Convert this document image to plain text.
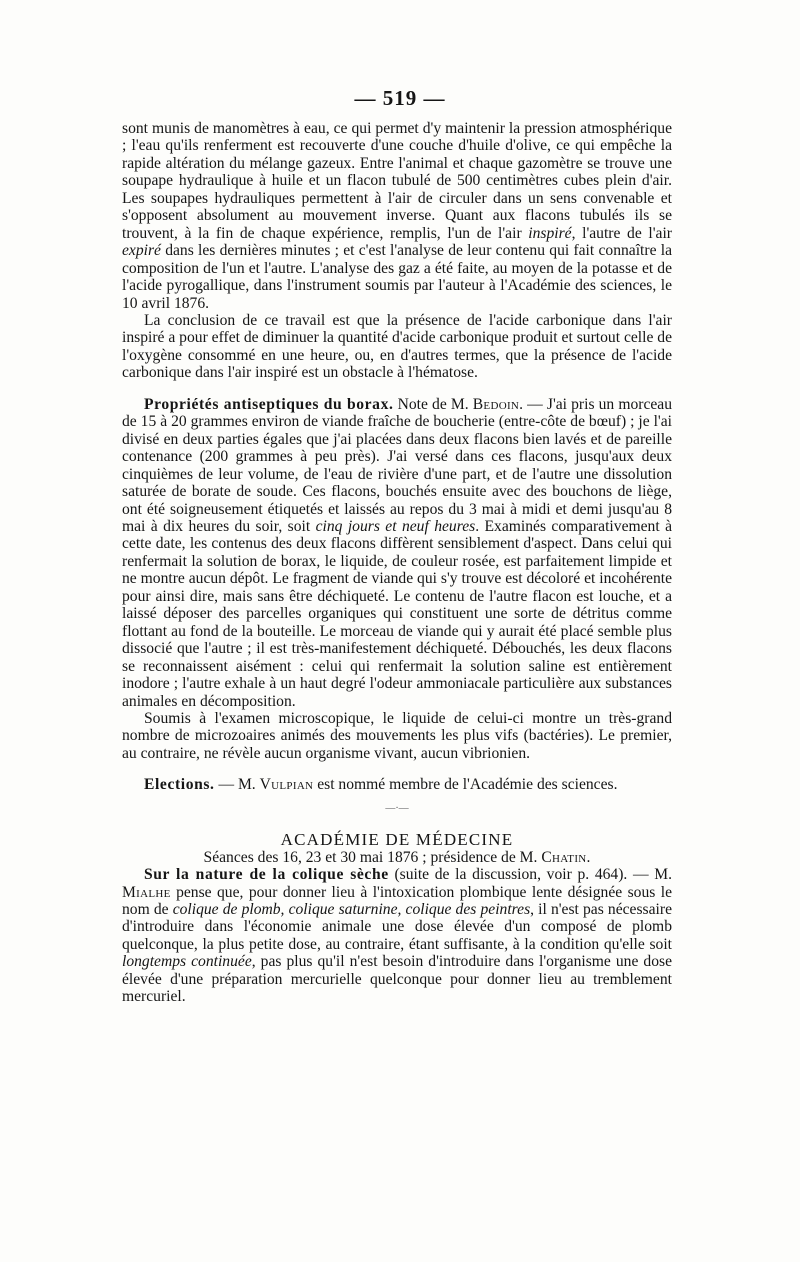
— 519 —

sont munis de manomètres à eau, ce qui permet d'y maintenir la pression atmosphérique ; l'eau qu'ils renferment est recouverte d'une couche d'huile d'olive, ce qui empêche la rapide altération du mélange gazeux. Entre l'animal et chaque gazomètre se trouve une soupape hydraulique à huile et un flacon tubulé de 500 centimètres cubes plein d'air. Les soupapes hydrauliques permettent à l'air de circuler dans un sens convenable et s'opposent absolument au mouvement inverse. Quant aux flacons tubulés ils se trouvent, à la fin de chaque expérience, remplis, l'un de l'air inspiré, l'autre de l'air expiré dans les dernières minutes ; et c'est l'analyse de leur contenu qui fait connaître la composition de l'un et l'autre. L'analyse des gaz a été faite, au moyen de la potasse et de l'acide pyrogallique, dans l'instrument soumis par l'auteur à l'Académie des sciences, le 10 avril 1876.

La conclusion de ce travail est que la présence de l'acide carbonique dans l'air inspiré a pour effet de diminuer la quantité d'acide carbonique produit et surtout celle de l'oxygène consommé en une heure, ou, en d'autres termes, que la présence de l'acide carbonique dans l'air inspiré est un obstacle à l'hématose.

Propriétés antiseptiques du borax. Note de M. Bedoin. — J'ai pris un morceau de 15 à 20 grammes environ de viande fraîche de boucherie (entre-côte de bœuf) ; je l'ai divisé en deux parties égales que j'ai placées dans deux flacons bien lavés et de pareille contenance (200 grammes à peu près). J'ai versé dans ces flacons, jusqu'aux deux cinquièmes de leur volume, de l'eau de rivière d'une part, et de l'autre une dissolution saturée de borate de soude. Ces flacons, bouchés ensuite avec des bouchons de liège, ont été soigneusement étiquetés et laissés au repos du 3 mai à midi et demi jusqu'au 8 mai à dix heures du soir, soit cinq jours et neuf heures. Examinés comparativement à cette date, les contenus des deux flacons diffèrent sensiblement d'aspect. Dans celui qui renfermait la solution de borax, le liquide, de couleur rosée, est parfaitement limpide et ne montre aucun dépôt. Le fragment de viande qui s'y trouve est décoloré et incohérente pour ainsi dire, mais sans être déchiqueté. Le contenu de l'autre flacon est louche, et a laissé déposer des parcelles organiques qui constituent une sorte de détritus comme flottant au fond de la bouteille. Le morceau de viande qui y aurait été placé semble plus dissocié que l'autre ; il est très-manifestement déchiqueté. Débouchés, les deux flacons se reconnaissent aisément : celui qui renfermait la solution saline est entièrement inodore ; l'autre exhale à un haut degré l'odeur ammoniacale particulière aux substances animales en décomposition.

Soumis à l'examen microscopique, le liquide de celui-ci montre un très-grand nombre de microzoaires animés des mouvements les plus vifs (bactéries). Le premier, au contraire, ne révèle aucun organisme vivant, aucun vibrionien.

Elections. — M. Vulpian est nommé membre de l'Académie des sciences.

—·—

ACADÉMIE DE MÉDECINE

Séances des 16, 23 et 30 mai 1876 ; présidence de M. Chatin.

Sur la nature de la colique sèche (suite de la discussion, voir p. 464). — M. Mialhe pense que, pour donner lieu à l'intoxication plombique lente désignée sous le nom de colique de plomb, colique saturnine, colique des peintres, il n'est pas nécessaire d'introduire dans l'économie animale une dose élevée d'un composé de plomb quelconque, la plus petite dose, au contraire, étant suffisante, à la condition qu'elle soit longtemps continuée, pas plus qu'il n'est besoin d'introduire dans l'organisme une dose élevée d'une préparation mercurielle quelconque pour donner lieu au tremblement mercuriel.
